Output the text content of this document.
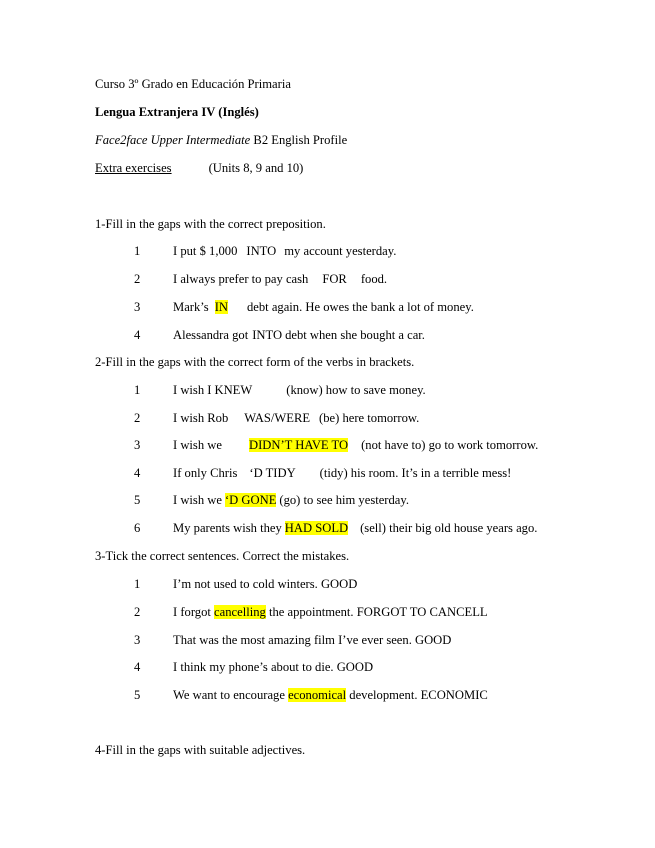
Curso 3º Grado en Educación Primaria
Lengua Extranjera IV (Inglés)
Face2face Upper Intermediate B2 English Profile
Extra exercises	(Units 8, 9 and 10)
1-Fill in the gaps with the correct preposition.
1	I put $ 1,000 INTO my account yesterday.
2	I always prefer to pay cash FOR food.
3	Mark’s IN debt again. He owes the bank a lot of money.
4	Alessandra got INTO debt when she bought a car.
2-Fill in the gaps with the correct form of the verbs in brackets.
1	I wish I KNEW	(know) how to save money.
2	I wish Rob WAS/WERE (be) here tomorrow.
3	I wish we DIDN’T HAVE TO (not have to) go to work tomorrow.
4	If only Chris ‘D TIDY (tidy) his room. It’s in a terrible mess!
5	I wish we ‘D GONE (go) to see him yesterday.
6	My parents wish they HAD SOLD (sell) their big old house years ago.
3-Tick the correct sentences. Correct the mistakes.
1	I’m not used to cold winters. GOOD
2	I forgot cancelling the appointment. FORGOT TO CANCELL
3	That was the most amazing film I’ve ever seen. GOOD
4	I think my phone’s about to die. GOOD
5	We want to encourage economical development. ECONOMIC
4-Fill in the gaps with suitable adjectives.
